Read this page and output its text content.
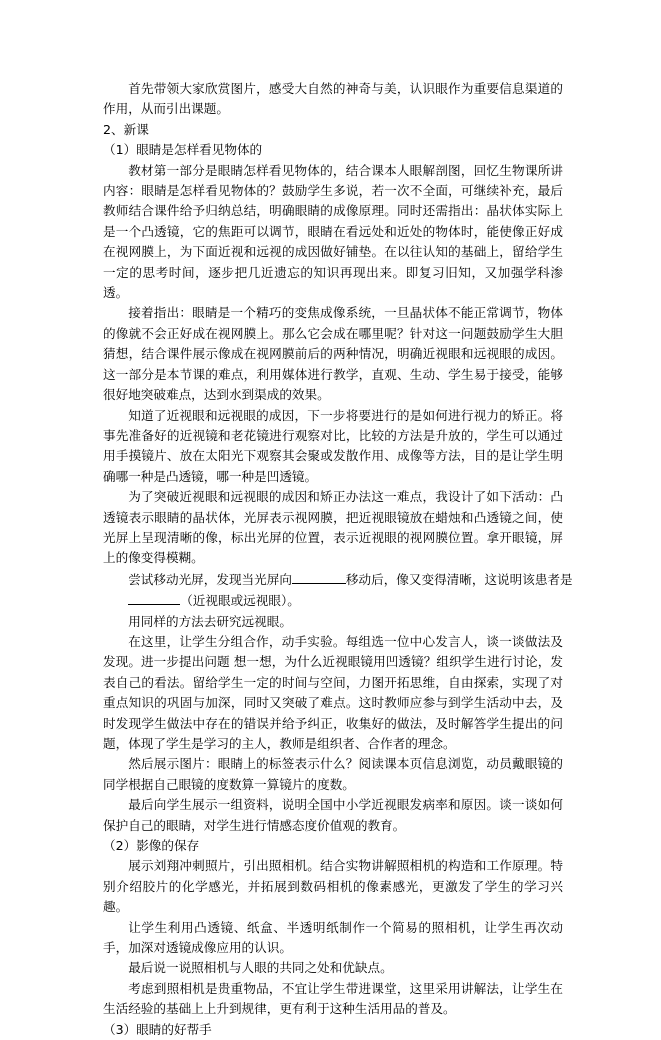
首先带领大家欣赏图片，感受大自然的神奇与美，认识眼作为重要信息渠道的作用，从而引出课题。

2、新课

（1）眼睛是怎样看见物体的

教材第一部分是眼睛怎样看见物体的，结合课本人眼解剖图，回忆生物课所讲内容：眼睛是怎样看见物体的？鼓励学生多说，若一次不全面，可继续补充，最后教师结合课件给予归纳总结，明确眼睛的成像原理。同时还需指出：晶状体实际上是一个凸透镜，它的焦距可以调节，眼睛在看远处和近处的物体时，能使像正好成在视网膜上，为下面近视和远视的成因做好铺垫。在以往认知的基础上，留给学生一定的思考时间，逐步把几近遗忘的知识再现出来。即复习旧知，又加强学科渗透。

接着指出：眼睛是一个精巧的变焦成像系统，一旦晶状体不能正常调节，物体的像就不会正好成在视网膜上。那么它会成在哪里呢？针对这一问题鼓励学生大胆猜想，结合课件展示像成在视网膜前后的两种情况，明确近视眼和远视眼的成因。这一部分是本节课的难点，利用媒体进行教学，直观、生动、学生易于接受，能够很好地突破难点，达到水到渠成的效果。

知道了近视眼和远视眼的成因，下一步将要进行的是如何进行视力的矫正。将事先准备好的近视镜和老花镜进行观察对比，比较的方法是升放的，学生可以通过用手摸镜片、放在太阳光下观察其会聚或发散作用、成像等方法，目的是让学生明确哪一种是凸透镜，哪一种是凹透镜。

为了突破近视眼和远视眼的成因和矫正办法这一难点，我设计了如下活动：凸透镜表示眼睛的晶状体，光屏表示视网膜，把近视眼镜放在蜡烛和凸透镜之间，使光屏上呈现清晰的像，标出光屏的位置，表示近视眼的视网膜位置。拿开眼镜，屏上的像变得模糊。

尝试移动光屏，发现当光屏向	移动后，像又变得清晰，这说明该患者是

（近视眼或远视眼）。

用同样的方法去研究远视眼。

在这里，让学生分组合作，动手实验。每组选一位中心发言人，谈一谈做法及发现。进一步提出问题 想一想，为什么近视眼镜用凹透镜？组织学生进行讨论，发表自己的看法。留给学生一定的时间与空间，力图开拓思维，自由探索，实现了对重点知识的巩固与加深，同时又突破了难点。这时教师应参与到学生活动中去，及时发现学生做法中存在的错误并给予纠正，收集好的做法，及时解答学生提出的问题，体现了学生是学习的主人，教师是组织者、合作者的理念。

然后展示图片：眼睛上的标签表示什么？阅读课本页信息浏览，动员戴眼镜的同学根据自己眼镜的度数算一算镜片的度数。

最后向学生展示一组资料，说明全国中小学近视眼发病率和原因。谈一谈如何保护自己的眼睛，对学生进行情感态度价值观的教育。

（2）影像的保存

展示刘翔冲刺照片，引出照相机。结合实物讲解照相机的构造和工作原理。特别介绍胶片的化学感光，并拓展到数码相机的像素感光，更激发了学生的学习兴趣。

让学生利用凸透镜、纸盒、半透明纸制作一个简易的照相机，让学生再次动手，加深对透镜成像应用的认识。

最后说一说照相机与人眼的共同之处和优缺点。

考虑到照相机是贵重物品，不宜让学生带进课堂，这里采用讲解法，让学生在生活经验的基础上上升到规律，更有利于这种生活用品的普及。

（3）眼睛的好帮手
